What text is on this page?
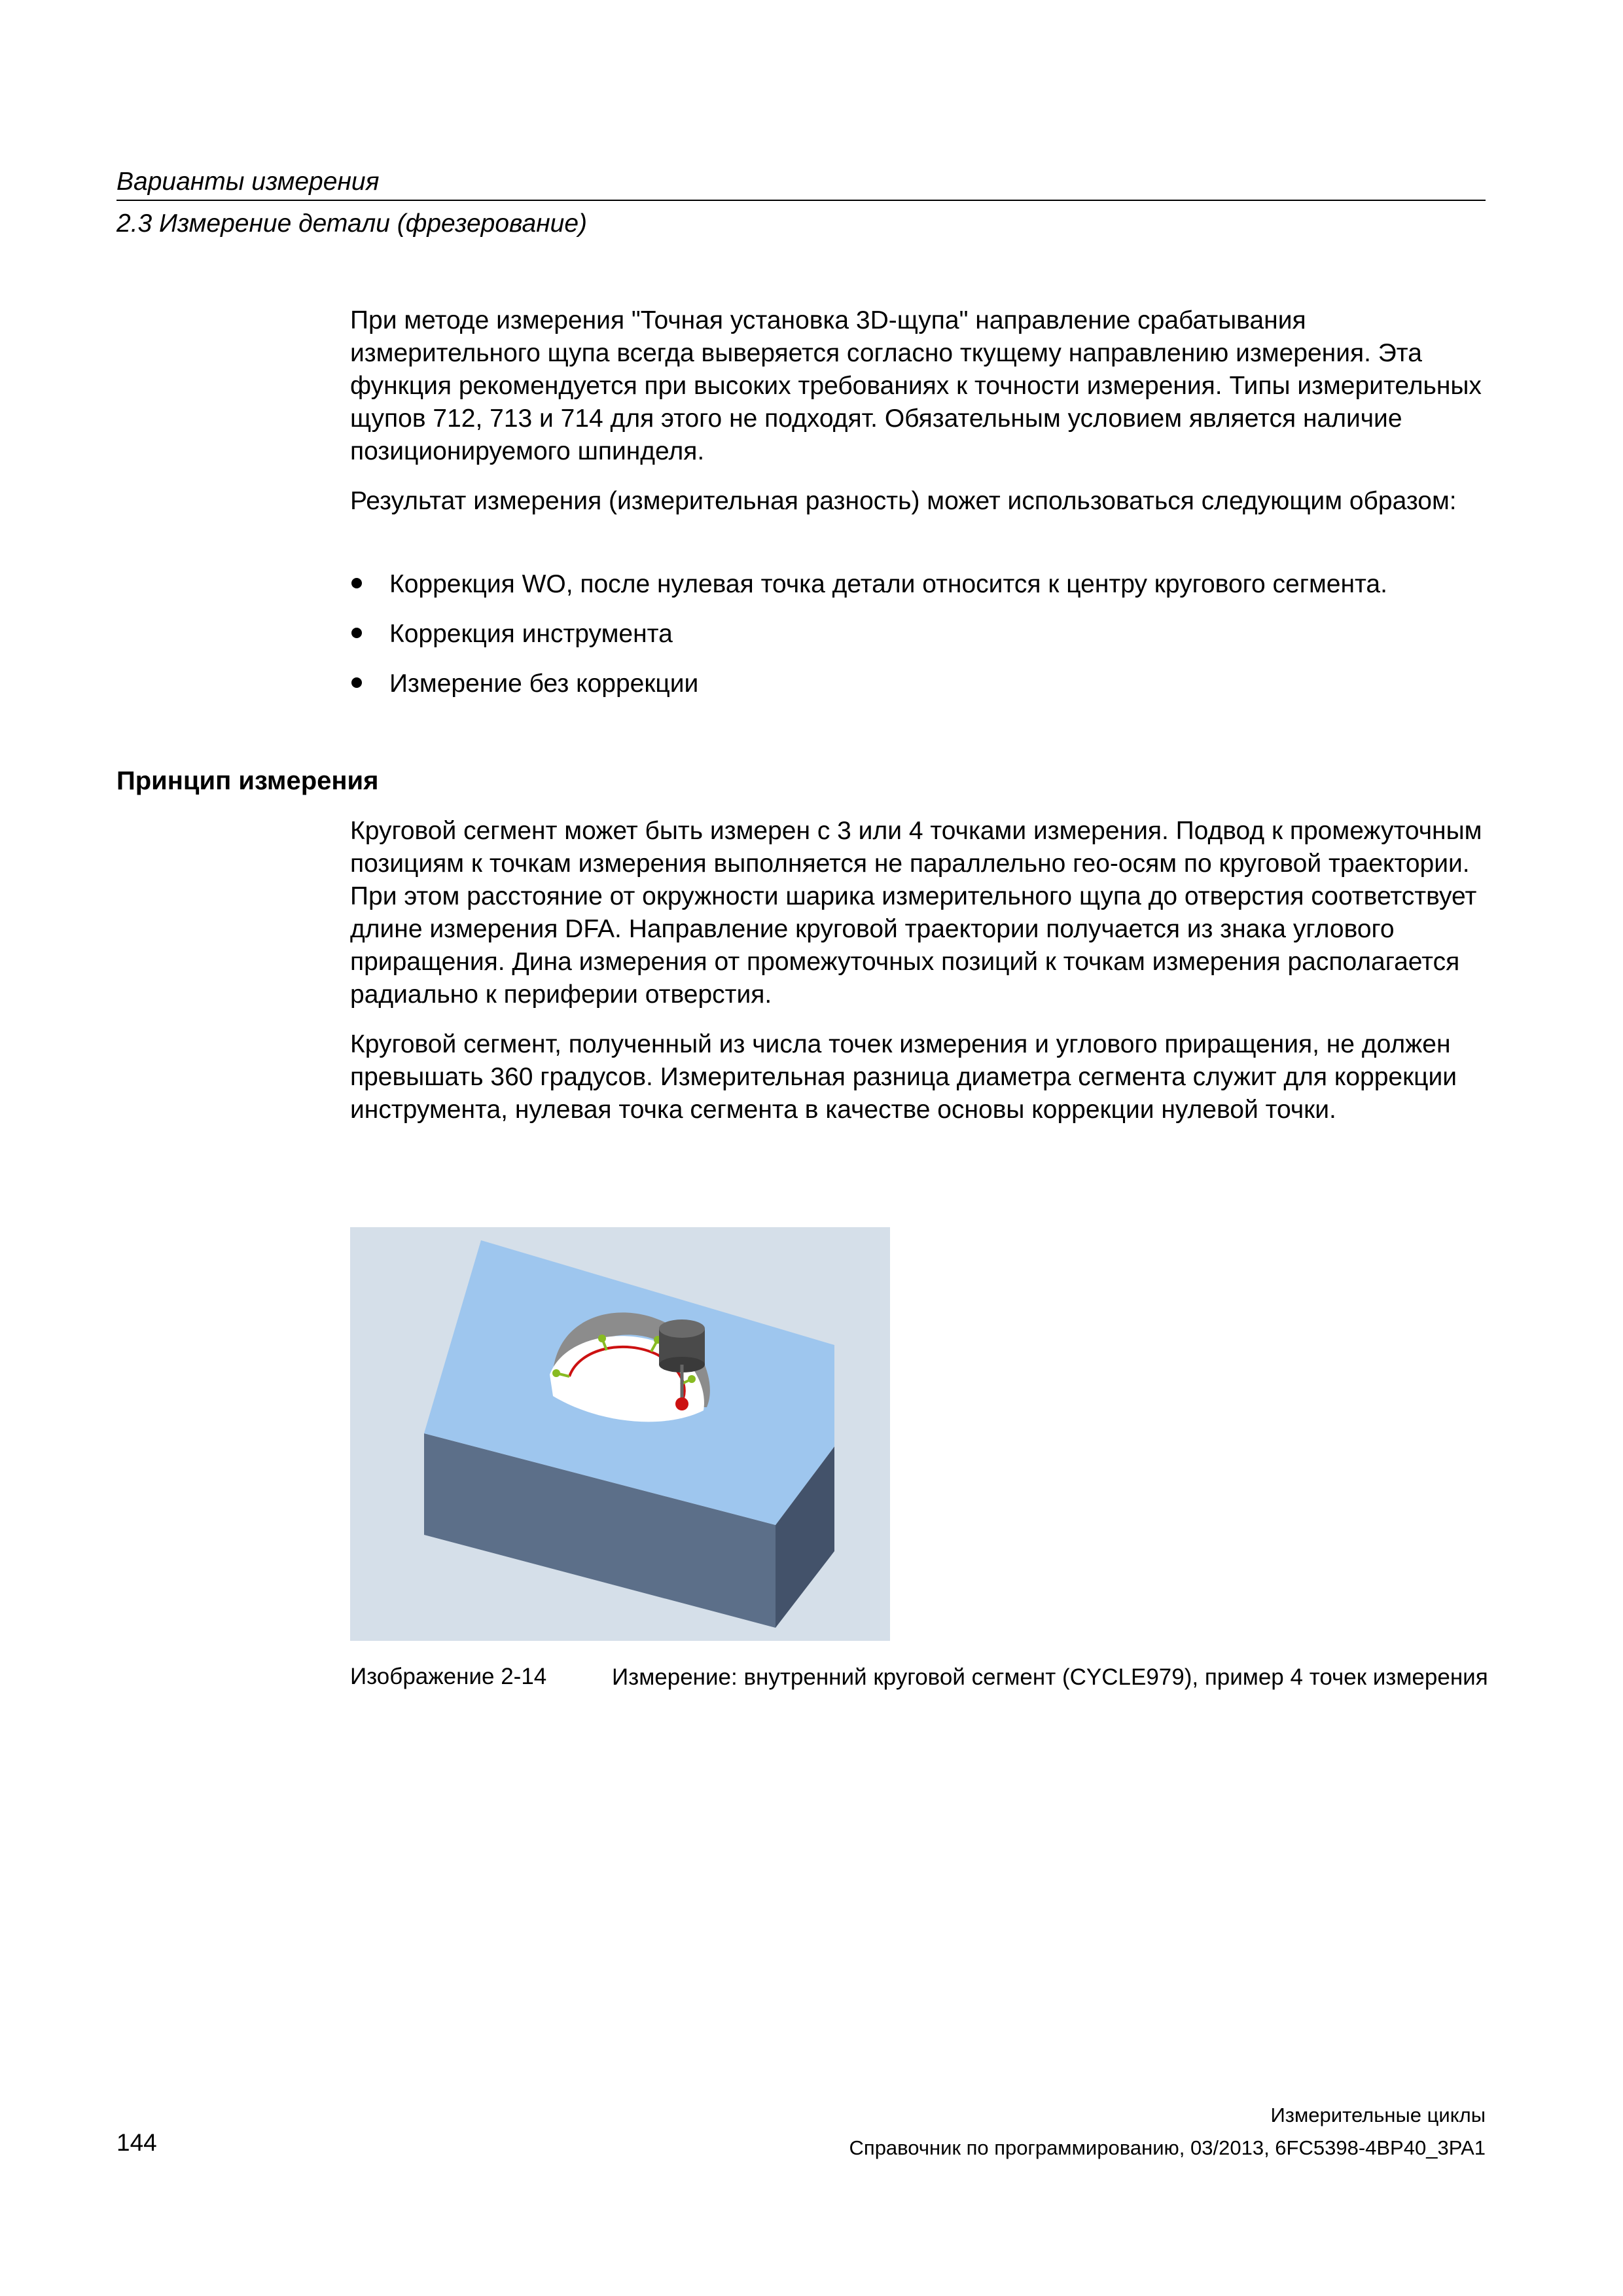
Варианты измерения
2.3 Измерение детали (фрезерование)

При методе измерения "Точная установка 3D-щупа" направление срабатывания измерительного щупа всегда выверяется согласно ткущему направлению измерения. Эта функция рекомендуется при высоких требованиях к точности измерения. Типы измерительных щупов 712, 713 и 714 для этого не подходят. Обязательным условием является наличие позиционируемого шпинделя.

Результат измерения (измерительная разность) может использоваться следующим образом:

Коррекция WO, после нулевая точка детали относится к центру кругового сегмента.
Коррекция инструмента
Измерение без коррекции
Принцип измерения

Круговой сегмент может быть измерен с 3 или 4 точками измерения. Подвод к промежуточным позициям к точкам измерения выполняется не параллельно гео-осям по круговой траектории. При этом расстояние от окружности шарика измерительного щупа до отверстия соответствует длине измерения DFA. Направление круговой траектории получается из знака углового приращения. Дина измерения от промежуточных позиций к точкам измерения располагается радиально к периферии отверстия.

Круговой сегмент, полученный из числа точек измерения и углового приращения, не должен превышать 360 градусов. Измерительная разница диаметра сегмента служит для коррекции инструмента, нулевая точка сегмента в качестве основы коррекции нулевой точки.

Изображение 2-14	Измерение: внутренний круговой сегмент (CYCLE979), пример 4 точек измерения
Измерительные циклы
144	Справочник по программированию, 03/2013, 6FC5398-4BP40_3PA1
